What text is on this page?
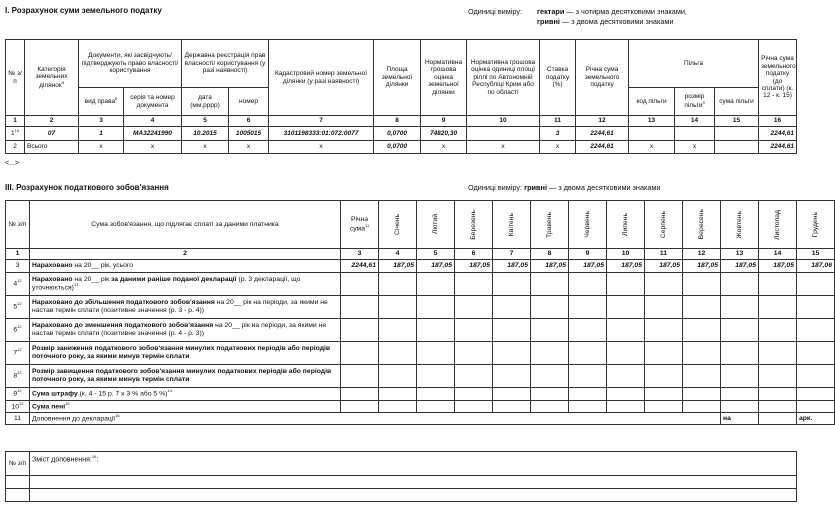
І. Розрахунок суми земельного податку	Одиниці виміру: гектари — з чотирма десятковими знаками,
гривні — з двома десятковими знаками
№ з/п	Категорія земельних ділянок$^8$	Документи, які засвідчують/ підтверджують право власності/ користування		Державна реєстрація прав власності/ користування (у разі наявності)		Кадастровий номер земельної ділянки (у разі наявності)	Площа земельної ділянки	Нормативна грошова оцінка земельної ділянки	Нормативна грошова оцінка одиниці площі ріллі по Автономній Республіці Крим або по області	Ставка податку (%)	Річна сума земельного податку	Пільга			Річна сума земельного податку (до сплати) (к. 12 - к. 15)
		вид права$^8$	серія та номер документа	дата (мм.рррр)	номер							код пільги	розмір пільги$^9$	сума пільги	
1	2	3	4	5	6	7	8	9	10	11	12	13	14	15	16
$1^{10}$	07	1	МА32241990	10.2015	1005015	3101198333:01:072:0077	0,0700	74820,30		3	2244,61				2244,61
2	Всього	x	x	x	x	x	0,0700	x	x	x	2244,61	x	x		2244,61
<...>
ІІІ. Розрахунок податкового зобов'язання	Одиниці виміру: гривні — з двома десятковими знаками
№ з/п	Сума зобов'язання, що підлягає сплаті за даними платника	Річна сума$^{11}$	Січень	Лютий	Березень	Квітень	Травень	Червень	Липень	Серпень	Вересень	Жовтень	Листопад	Грудень

1	2	3	4	5	6	7	8	9	10	11	12	13	14	15
3	Нараховано на 20__ рік, усього	2244,61	187,05	187,05	187,05	187,05	187,05	187,05	187,05	187,05	187,05	187,05	187,05	187,06
$4^{12}$	Нараховано на 20__ рік за даними раніше поданої декларації (р. 3 декларації, що уточнюється)$^{13}$													
$5^{12}$	Нараховано до збільшення податкового зобов'язання на 20__ рік на періоди, за якими не настав термін сплати (позитивне значення (р. 3 - р. 4))													
$6^{12}$	Нараховано до зменшення податкового зобов'язання на 20__ рік на періоди, за якими не настав термін сплати (позитивне значення (р. 4 - р. 3))													
$7^{12}$	Розмір заниження податкового зобов'язання минулих податкових періодів або періодів поточного року, за якими минув термін сплати													
$8^{12}$	Розмір завищення податкового зобов'язання минулих податкових періодів або періодів поточного року, за якими минув термін сплати													
$9^{12}$	Сума штрафу (к. 4 - 15 р. 7 х 3 % або 5 %)$^{14}$													
$10^{12}$	Сума пені$^{15}$													
11	Доповнення до декларації$^{16}$											на		арк.
№ з/п	Зміст доповнення:$^{16}$:
